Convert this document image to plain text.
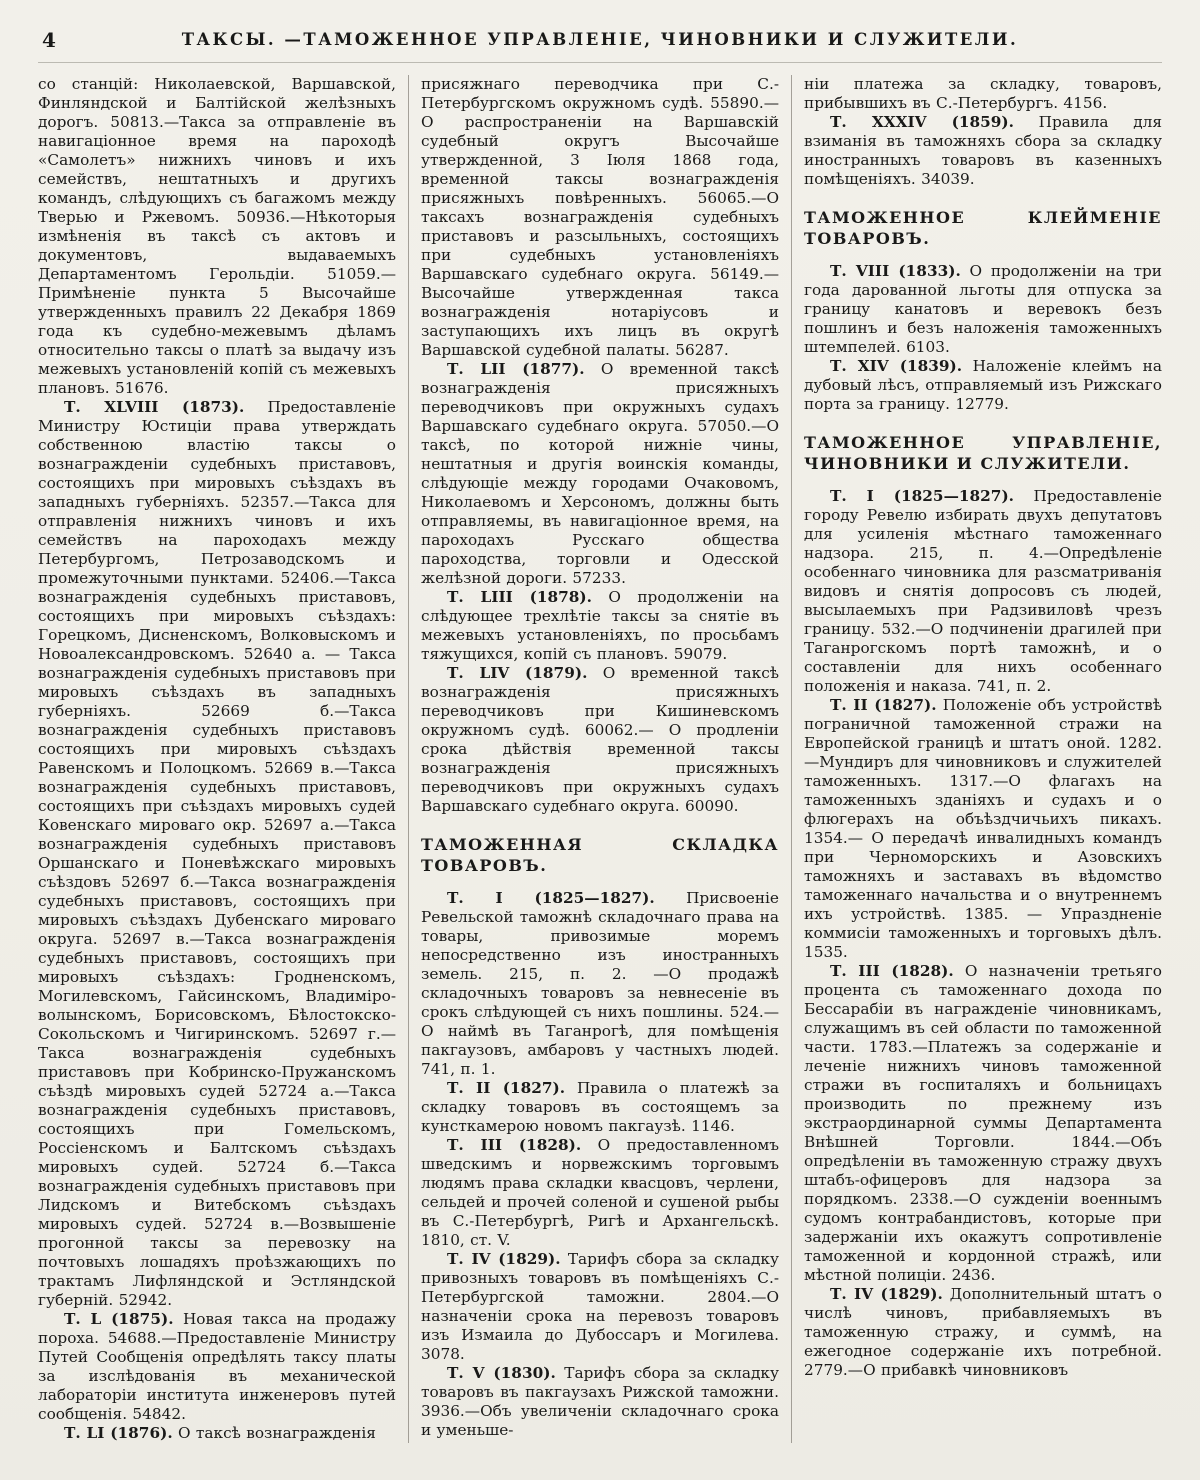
4	ТАКСЫ. —ТАМОЖЕННОЕ УПРАВЛЕНІЕ, ЧИНОВНИКИ И СЛУЖИТЕЛИ.

со станцій: Николаевской, Варшавской, Финляндской и Балтійской желѣзныхъ дорогъ. 50813.—Такса за отправленіе въ навигаціонное время на пароходѣ «Самолетъ» нижнихъ чиновъ и ихъ семействъ, нештатныхъ и другихъ командъ, слѣдующихъ съ багажомъ между Тверью и Ржевомъ. 50936.—Нѣкоторыя измѣненія въ таксѣ съ актовъ и документовъ, выдаваемыхъ Департаментомъ Герольдіи. 51059.—Примѣненіе пункта 5 Высочайше утвержденныхъ правилъ 22 Декабря 1869 года къ судебно-межевымъ дѣламъ относительно таксы о платѣ за выдачу изъ межевыхъ установленій копій съ межевыхъ плановъ. 51676.

Т. XLVIII (1873). Предоставленіе Министру Юстиціи права утверждать собственною властію таксы о вознагражденіи судебныхъ приставовъ, состоящихъ при мировыхъ съѣздахъ въ западныхъ губерніяхъ. 52357.—Такса для отправленія нижнихъ чиновъ и ихъ семействъ на пароходахъ между Петербургомъ, Петрозаводскомъ и промежуточными пунктами. 52406.—Такса вознагражденія судебныхъ приставовъ, состоящихъ при мировыхъ съѣздахъ: Горецкомъ, Дисненскомъ, Волковыскомъ и Новоалександровскомъ. 52640 а. — Такса вознагражденія судебныхъ приставовъ при мировыхъ съѣздахъ въ западныхъ губерніяхъ. 52669 б.—Такса вознагражденія судебныхъ приставовъ состоящихъ при мировыхъ съѣздахъ Равенскомъ и Полоцкомъ. 52669 в.—Такса вознагражденія судебныхъ приставовъ, состоящихъ при съѣздахъ мировыхъ судей Ковенскаго мироваго окр. 52697 а.—Такса вознагражденія судебныхъ приставовъ Оршанскаго и Поневѣжскаго мировыхъ съѣздовъ 52697 б.—Такса вознагражденія судебныхъ приставовъ, состоящихъ при мировыхъ съѣздахъ Дубенскаго мироваго округа. 52697 в.—Такса вознагражденія судебныхъ приставовъ, состоящихъ при мировыхъ съѣздахъ: Гродненскомъ, Могилевскомъ, Гайсинскомъ, Владиміро-волынскомъ, Борисовскомъ, Бѣлостокско-Сокольскомъ и Чигиринскомъ. 52697 г.—Такса вознагражденія судебныхъ приставовъ при Кобринско-Пружанскомъ съѣздѣ мировыхъ судей 52724 а.—Такса вознагражденія судебныхъ приставовъ, состоящихъ при Гомельскомъ, Россіенскомъ и Балтскомъ съѣздахъ мировыхъ судей. 52724 б.—Такса вознагражденія судебныхъ приставовъ при Лидскомъ и Витебскомъ съѣздахъ мировыхъ судей. 52724 в.—Возвышеніе прогонной таксы за перевозку на почтовыхъ лошадяхъ проѣзжающихъ по трактамъ Лифляндской и Эстляндской губерній. 52942.

Т. L (1875). Новая такса на продажу пороха. 54688.—Предоставленіе Министру Путей Сообщенія опредѣлять таксу платы за изслѣдованія въ механической лабораторіи института инженеровъ путей сообщенія. 54842.

Т. LI (1876). О таксѣ вознагражденія

присяжнаго переводчика при С.-Петербургскомъ окружномъ судѣ. 55890.—О распространеніи на Варшавскій судебный округъ Высочайше утвержденной, 3 Іюля 1868 года, временной таксы вознагражденія присяжныхъ повѣренныхъ. 56065.—О таксахъ вознагражденія судебныхъ приставовъ и разсыльныхъ, состоящихъ при судебныхъ установленіяхъ Варшавскаго судебнаго округа. 56149.—Высочайше утвержденная такса вознагражденія нотаріусовъ и заступающихъ ихъ лицъ въ округѣ Варшавской судебной палаты. 56287.

Т. LII (1877). О временной таксѣ вознагражденія присяжныхъ переводчиковъ при окружныхъ судахъ Варшавскаго судебнаго округа. 57050.—О таксѣ, по которой нижніе чины, нештатныя и другія воинскія команды, слѣдующіе между городами Очаковомъ, Николаевомъ и Херсономъ, должны быть отправляемы, въ навигаціонное время, на пароходахъ Русскаго общества пароходства, торговли и Одесской желѣзной дороги. 57233.

Т. LIII (1878). О продолженіи на слѣдующее трехлѣтіе таксы за снятіе въ межевыхъ установленіяхъ, по просьбамъ тяжущихся, копій съ плановъ. 59079.

Т. LIV (1879). О временной таксѣ вознагражденія присяжныхъ переводчиковъ при Кишиневскомъ окружномъ судѣ. 60062.— О продленіи срока дѣйствія временной таксы вознагражденія присяжныхъ переводчиковъ при окружныхъ судахъ Варшавскаго судебнаго округа. 60090.

ТАМОЖЕННАЯ СКЛАДКА ТОВАРОВЪ.

Т. I (1825—1827). Присвоеніе Ревельской таможнѣ складочнаго права на товары, привозимые моремъ непосредственно изъ иностранныхъ земель. 215, п. 2. —О продажѣ складочныхъ товаровъ за невнесеніе въ срокъ слѣдующей съ нихъ пошлины. 524.—О наймѣ въ Таганрогѣ, для помѣщенія пакгаузовъ, амбаровъ у частныхъ людей. 741, п. 1.

Т. II (1827). Правила о платежѣ за складку товаровъ въ состоящемъ за кунсткамерою новомъ пакгаузѣ. 1146.

Т. III (1828). О предоставленномъ шведскимъ и норвежскимъ торговымъ людямъ права складки квасцовъ, черлени, сельдей и прочей соленой и сушеной рыбы въ С.-Петербургѣ, Ригѣ и Архангельскѣ. 1810, ст. V.

Т. IV (1829). Тарифъ сбора за складку привозныхъ товаровъ въ помѣщеніяхъ С.-Петербургской таможни. 2804.—О назначеніи срока на перевозъ товаровъ изъ Измаила до Дубоссаръ и Могилева. 3078.

Т. V (1830). Тарифъ сбора за складку товаровъ въ пакгаузахъ Рижской таможни. 3936.—Объ увеличеніи складочнаго срока и уменьше-

ніи платежа за складку, товаровъ, прибывшихъ въ С.-Петербургъ. 4156.

Т. XXXIV (1859). Правила для взиманія въ таможняхъ сбора за складку иностранныхъ товаровъ въ казенныхъ помѣщеніяхъ. 34039.

ТАМОЖЕННОЕ КЛЕЙМЕНІЕ ТОВАРОВЪ.

Т. VIII (1833). О продолженіи на три года дарованной льготы для отпуска за границу канатовъ и веревокъ безъ пошлинъ и безъ наложенія таможенныхъ штемпелей. 6103.

Т. XIV (1839). Наложеніе клеймъ на дубовый лѣсъ, отправляемый изъ Рижскаго порта за границу. 12779.

ТАМОЖЕННОЕ УПРАВЛЕНІЕ, ЧИНОВНИКИ И СЛУЖИТЕЛИ.

Т. I (1825—1827). Предоставленіе городу Ревелю избирать двухъ депутатовъ для усиленія мѣстнаго таможеннаго надзора. 215, п. 4.—Опредѣленіе особеннаго чиновника для разсматриванія видовъ и снятія допросовъ съ людей, высылаемыхъ при Радзивиловѣ чрезъ границу. 532.—О подчиненіи драгилей при Таганрогскомъ портѣ таможнѣ, и о составленіи для нихъ особеннаго положенія и наказа. 741, п. 2.

Т. II (1827). Положеніе объ устройствѣ пограничной таможенной стражи на Европейской границѣ и штатъ оной. 1282.—Мундиръ для чиновниковъ и служителей таможенныхъ. 1317.—О флагахъ на таможенныхъ зданіяхъ и судахъ и о флюгерахъ на объѣздчичьихъ пикахъ. 1354.— О передачѣ инвалидныхъ командъ при Черноморскихъ и Азовскихъ таможняхъ и заставахъ въ вѣдомство таможеннаго начальства и о внутреннемъ ихъ устройствѣ. 1385. — Упраздненіе коммисіи таможенныхъ и торговыхъ дѣлъ. 1535.

Т. III (1828). О назначеніи третьяго процента съ таможеннаго дохода по Бессарабіи въ награжденіе чиновникамъ, служащимъ въ сей области по таможенной части. 1783.—Платежъ за содержаніе и леченіе нижнихъ чиновъ таможенной стражи въ госпиталяхъ и больницахъ производить по прежнему изъ экстраординарной суммы Департамента Внѣшней Торговли. 1844.—Объ опредѣленіи въ таможенную стражу двухъ штабъ-офицеровъ для надзора за порядкомъ. 2338.—О сужденіи военнымъ судомъ контрабандистовъ, которые при задержаніи ихъ окажутъ сопротивленіе таможенной и кордонной стражѣ, или мѣстной полиціи. 2436.

Т. IV (1829). Дополнительный штатъ о числѣ чиновъ, прибавляемыхъ въ таможенную стражу, и суммѣ, на ежегодное содержаніе ихъ потребной. 2779.—О прибавкѣ чиновниковъ
